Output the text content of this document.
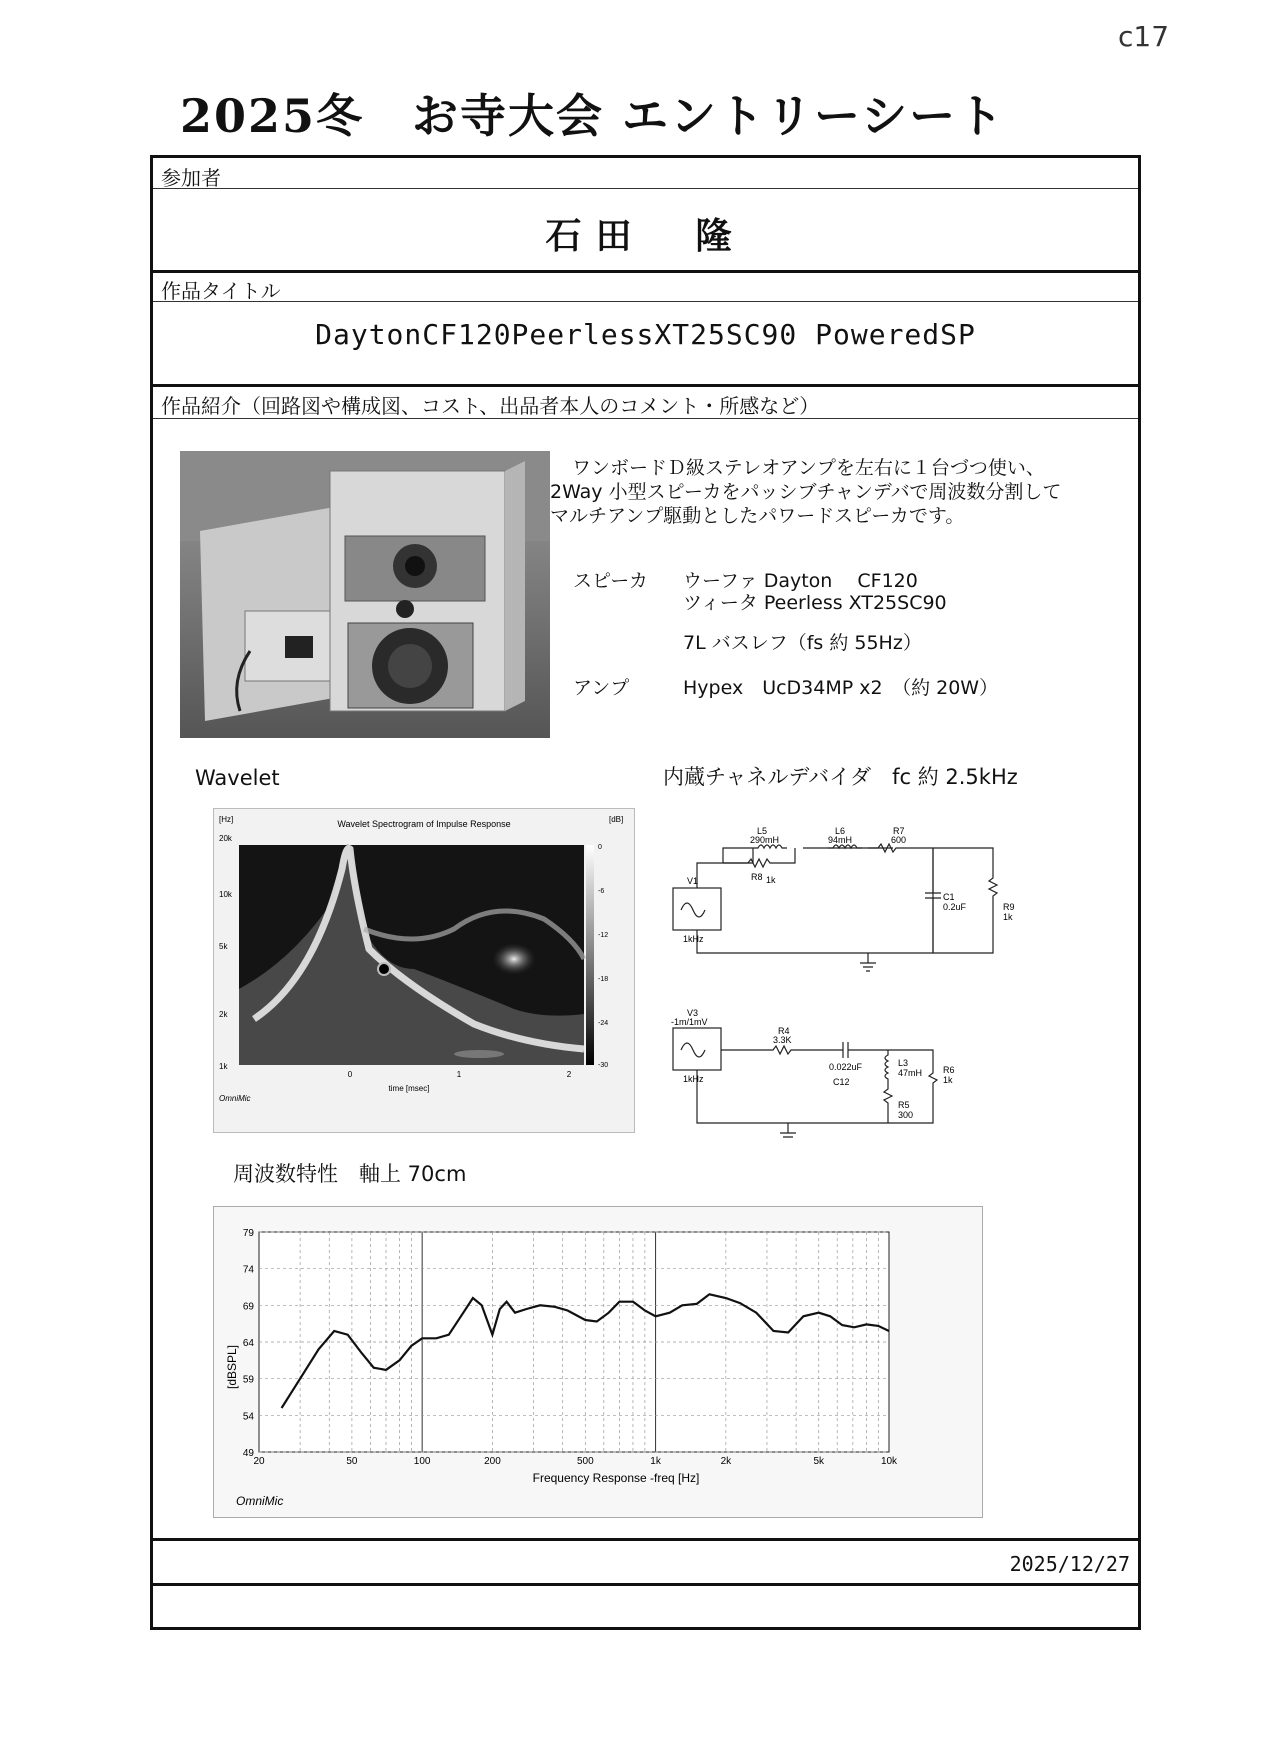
c17
2025冬　お寺大会 エントリーシート
参加者
石田　隆
作品タイトル
DaytonCF120PeerlessXT25SC90 PoweredSP
作品紹介（回路図や構成図、コスト、出品者本人のコメント・所感など）
ワンボードＤ級ステレオアンプを左右に１台づつ使い、
2Way 小型スピーカをパッシブチャンデバで周波数分割して
マルチアンプ駆動としたパワードスピーカです。
スピーカ ウーファ Dayton　 CF120
ツィータ Peerless XT25SC90
7L バスレフ（fs 約 55Hz）
アンプ	Hypex　UcD34MP x2　（約 20W）
Wavelet	内蔵チャネルデバイダ　fc 約 2.5kHz
[Hz]	Wavelet Spectrogram of Impulse Response	[dB]
20k
10k
5k
2k
1k
0	1	2
time [msec]
OmniMic
0
-6
-12
-18
-24
-30
L5
290mH
L6
94mH
R7
600
R8 1k
V1
1kHz
C1
0.2uF	R9
1k
V3
-1m/1mV
1kHz
R4
3.3K
0.022uF
C12
L3
47mH R6
1k
R5
300
周波数特性　軸上 70cm
49
54
59
64
69
74
79
20	50	100	200	500	1k	2k	5k	10k
Frequency Response -freq [Hz]
[dBSPL]
OmniMic
2025/12/27
